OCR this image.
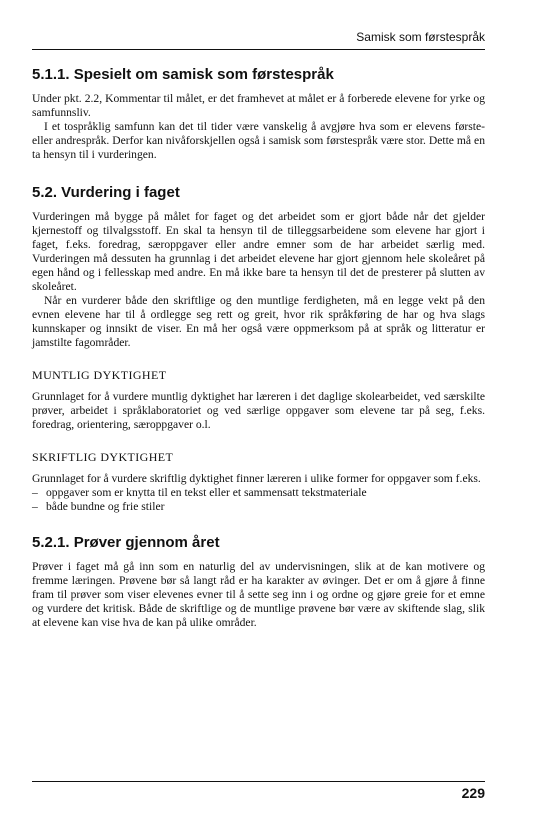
Samisk som førstespråk
5.1.1. Spesielt om samisk som førstespråk

Under pkt. 2.2, Kommentar til målet, er det framhevet at målet er å forberede elevene for yrke og samfunnsliv.

I et tospråklig samfunn kan det til tider være vanskelig å avgjøre hva som er elevens første- eller andrespråk. Derfor kan nivåforskjellen også i samisk som førstespråk være stor. Dette må en ta hensyn til i vurderingen.

5.2. Vurdering i faget

Vurderingen må bygge på målet for faget og det arbeidet som er gjort både når det gjelder kjernestoff og tilvalgsstoff. En skal ta hensyn til de tilleggsarbeidene som elevene har gjort i faget, f.eks. foredrag, særoppgaver eller andre emner som de har arbeidet særlig med. Vurderingen må dessuten ha grunnlag i det arbeidet elevene har gjort gjennom hele skoleåret på egen hånd og i fellesskap med andre. En må ikke bare ta hensyn til det de presterer på slutten av skoleåret.

Når en vurderer både den skriftlige og den muntlige ferdigheten, må en legge vekt på den evnen elevene har til å ordlegge seg rett og greit, hvor rik språkføring de har og hva slags kunnskaper og innsikt de viser. En må her også være oppmerksom på at språk og litteratur er jamstilte fagområder.

MUNTLIG DYKTIGHET

Grunnlaget for å vurdere muntlig dyktighet har læreren i det daglige skolearbeidet, ved særskilte prøver, arbeidet i språklaboratoriet og ved særlige oppgaver som elevene tar på seg, f.eks. foredrag, orientering, særoppgaver o.l.

SKRIFTLIG DYKTIGHET

Grunnlaget for å vurdere skriftlig dyktighet finner læreren i ulike former for oppgaver som f.eks.

– oppgaver som er knytta til en tekst eller et sammensatt tekstmateriale
– både bundne og frie stiler
5.2.1. Prøver gjennom året

Prøver i faget må gå inn som en naturlig del av undervisningen, slik at de kan motivere og fremme læringen. Prøvene bør så langt råd er ha karakter av øvinger. Det er om å gjøre å finne fram til prøver som viser elevenes evner til å sette seg inn i og ordne og gjøre greie for et emne og vurdere det kritisk. Både de skriftlige og de muntlige prøvene bør være av skiftende slag, slik at elevene kan vise hva de kan på ulike områder.

229
